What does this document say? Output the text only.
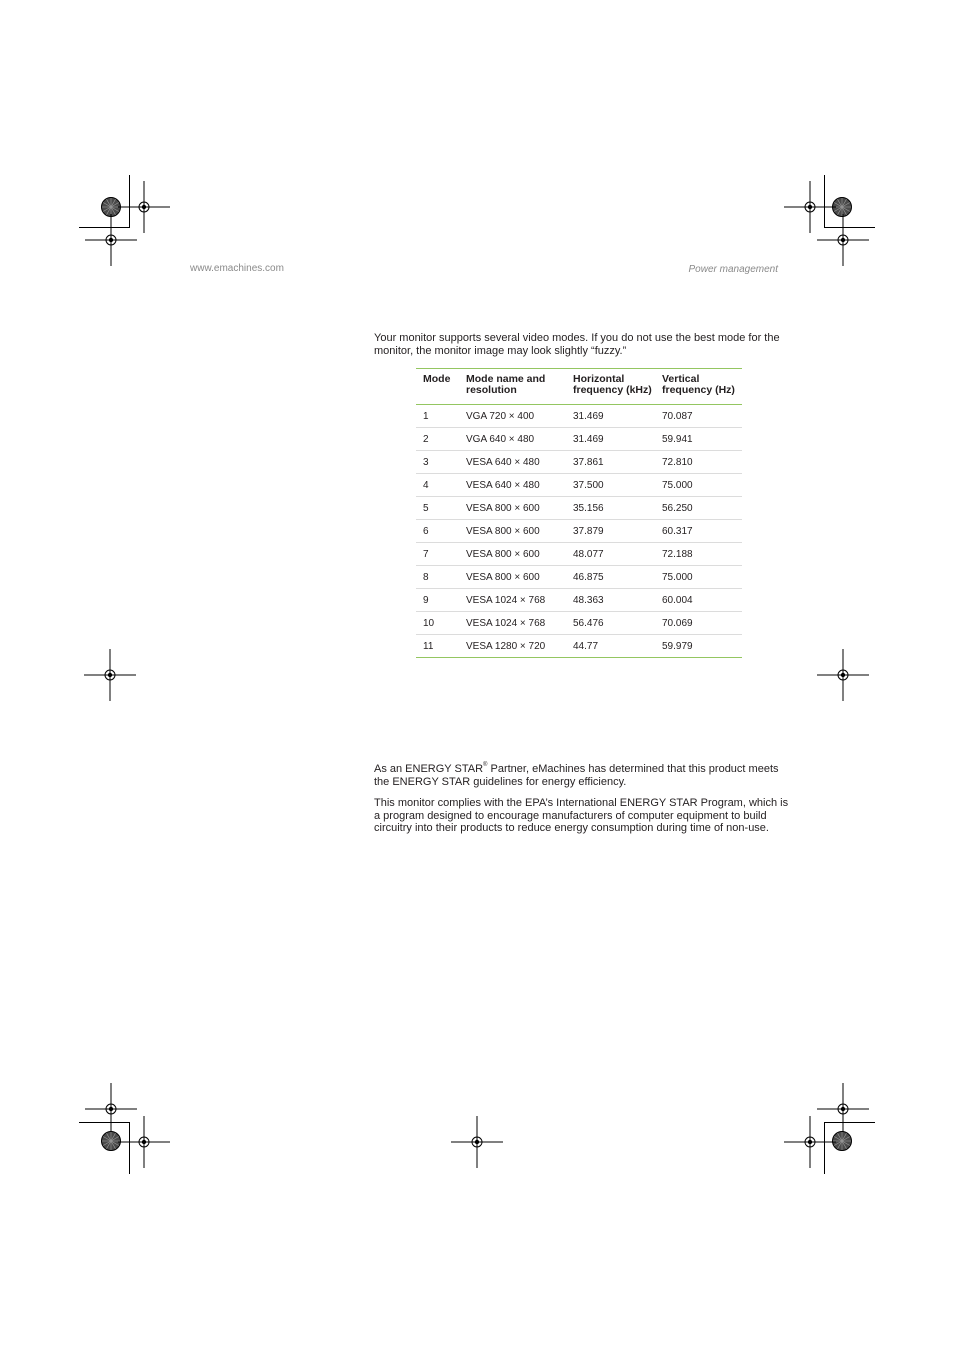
www.emachines.com	Power management
Your monitor supports several video modes. If you do not use the best mode for the monitor, the monitor image may look slightly “fuzzy.”
Mode	Mode name and resolution	Horizontal frequency (kHz)	Vertical frequency (Hz)
1	VGA 720 × 400	31.469	70.087
2	VGA 640 × 480	31.469	59.941
3	VESA 640 × 480	37.861	72.810
4	VESA 640 × 480	37.500	75.000
5	VESA 800 × 600	35.156	56.250
6	VESA 800 × 600	37.879	60.317
7	VESA 800 × 600	48.077	72.188
8	VESA 800 × 600	46.875	75.000
9	VESA 1024 × 768	48.363	60.004
10	VESA 1024 × 768	56.476	70.069
11	VESA 1280 × 720	44.77	59.979
As an ENERGY STAR® Partner, eMachines has determined that this product meets the ENERGY STAR guidelines for energy efficiency.
This monitor complies with the EPA’s International ENERGY STAR Program, which is a program designed to encourage manufacturers of computer equipment to build circuitry into their products to reduce energy consumption during time of non-use.
